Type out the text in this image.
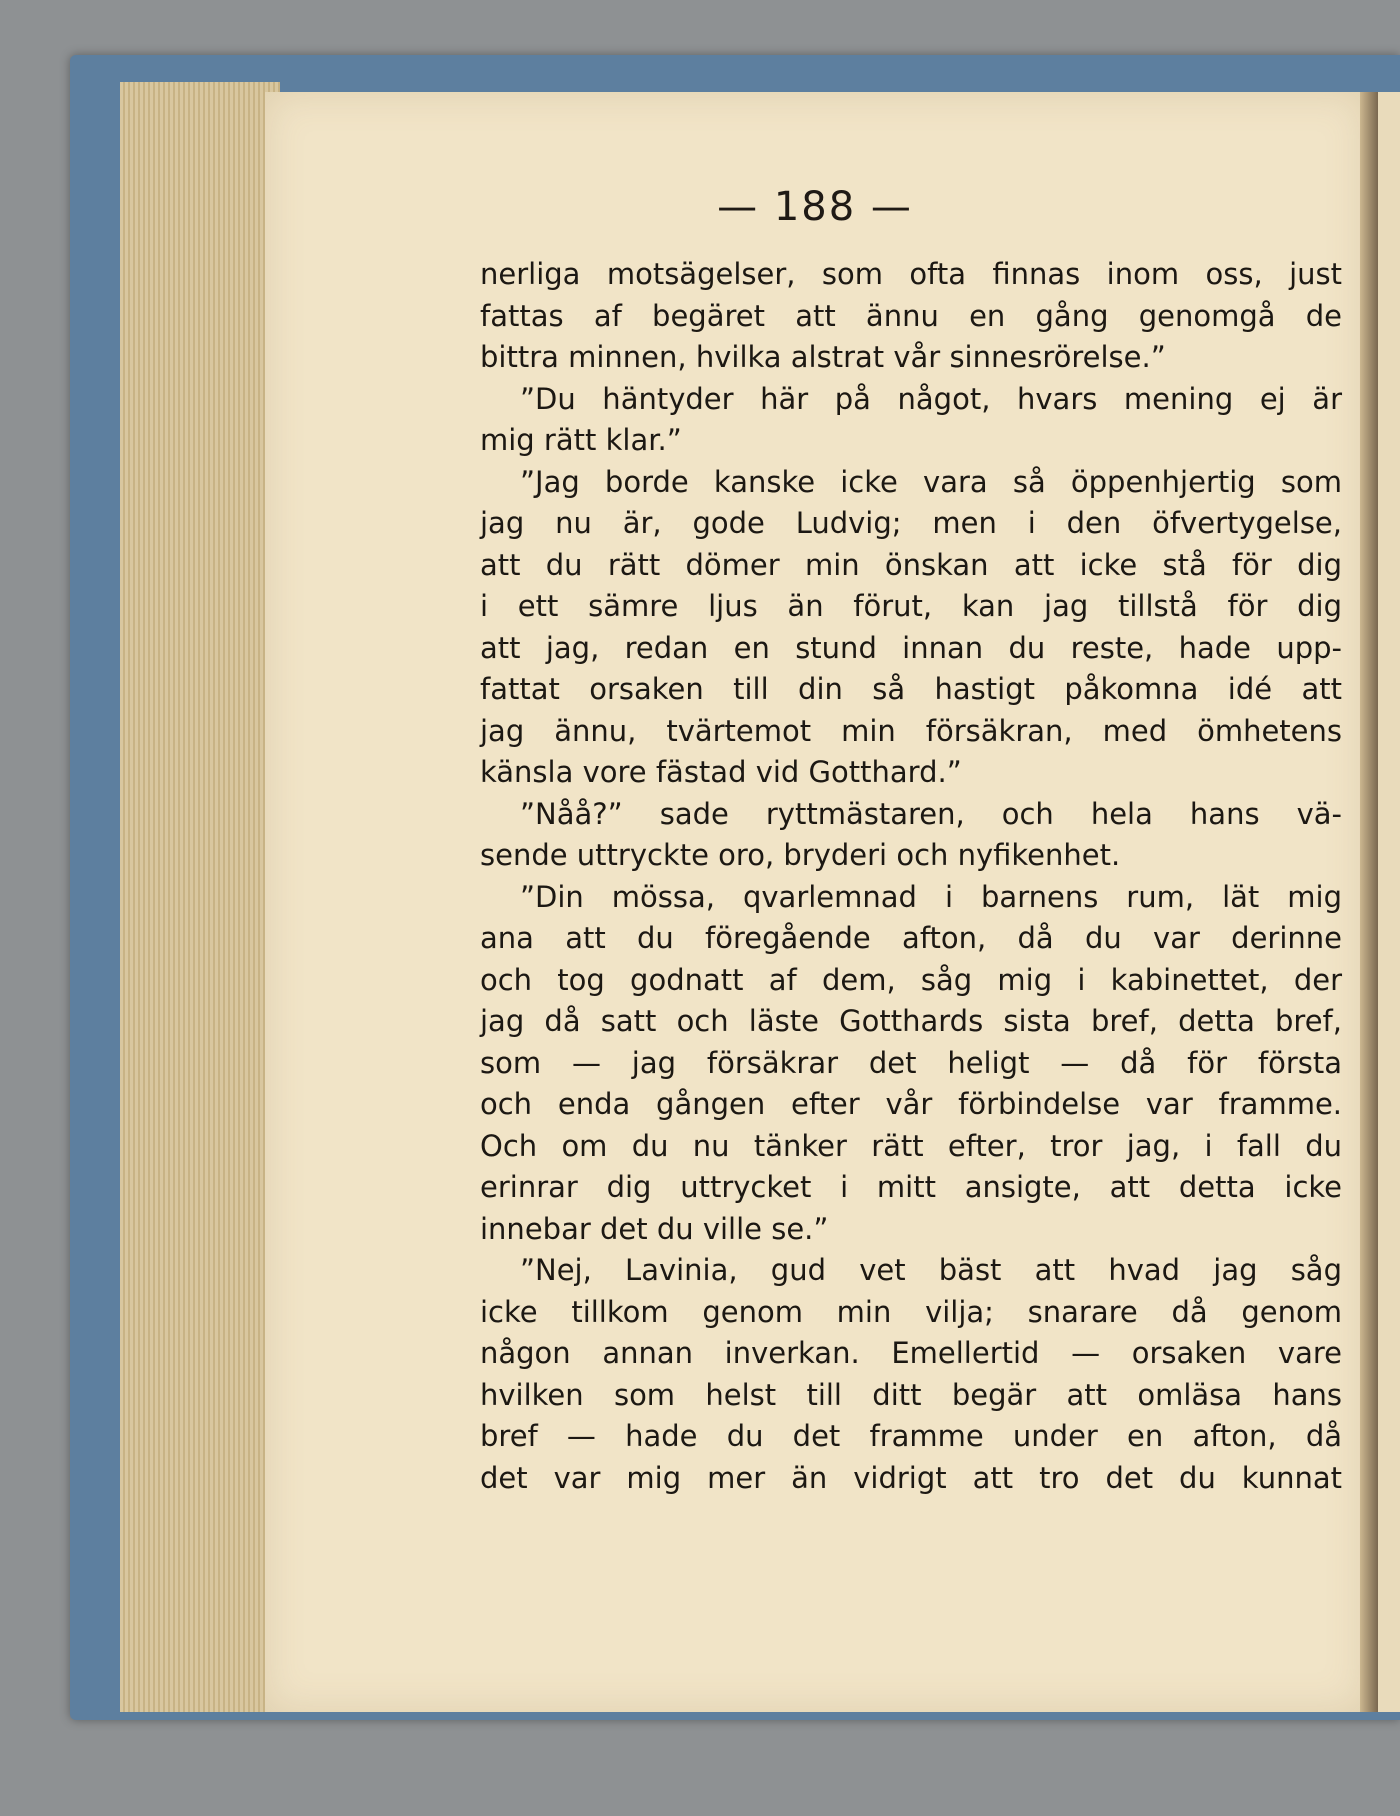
— 188 —
nerliga motsägelser, som ofta finnas inom oss, just
fattas af begäret att ännu en gång genomgå de
bittra minnen, hvilka alstrat vår sinnesrörelse.”
”Du häntyder här på något, hvars mening ej är
mig rätt klar.”
”Jag borde kanske icke vara så öppenhjertig som
jag nu är, gode Ludvig; men i den öfvertygelse,
att du rätt dömer min önskan att icke stå för dig
i ett sämre ljus än förut, kan jag tillstå för dig
att jag, redan en stund innan du reste, hade upp-
fattat orsaken till din så hastigt påkomna idé att
jag ännu, tvärtemot min försäkran, med ömhetens
känsla vore fästad vid Gotthard.”
”Nåå?” sade ryttmästaren, och hela hans vä-
sende uttryckte oro, bryderi och nyfikenhet.
”Din mössa, qvarlemnad i barnens rum, lät mig
ana att du föregående afton, då du var derinne
och tog godnatt af dem, såg mig i kabinettet, der
jag då satt och läste Gotthards sista bref, detta bref,
som — jag försäkrar det heligt — då för första
och enda gången efter vår förbindelse var framme.
Och om du nu tänker rätt efter, tror jag, i fall du
erinrar dig uttrycket i mitt ansigte, att detta icke
innebar det du ville se.”
”Nej, Lavinia, gud vet bäst att hvad jag såg
icke tillkom genom min vilja; snarare då genom
någon annan inverkan. Emellertid — orsaken vare
hvilken som helst till ditt begär att omläsa hans
bref — hade du det framme under en afton, då
det var mig mer än vidrigt att tro det du kunnat
